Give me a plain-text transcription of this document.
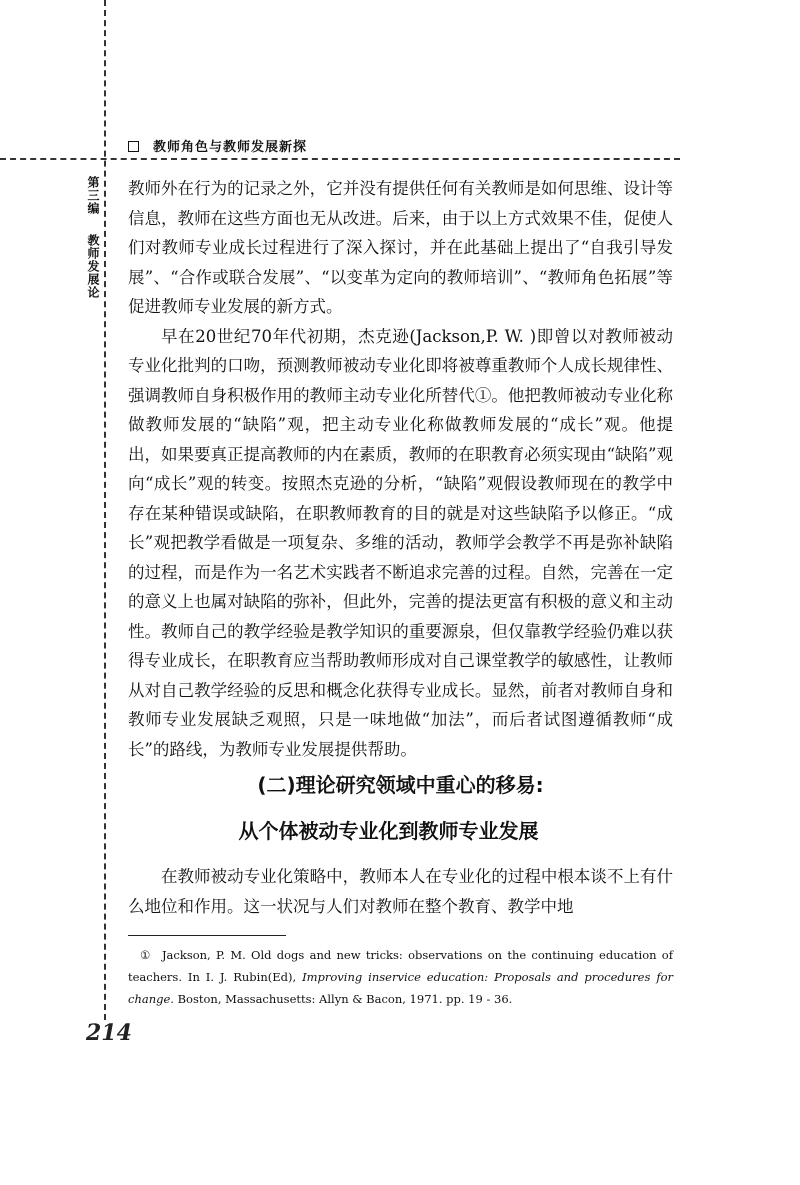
教师角色与教师发展新探
第三编
教师发展论

教师外在行为的记录之外，它并没有提供任何有关教师是如何思维、设计等信息，教师在这些方面也无从改进。后来，由于以上方式效果不佳，促使人们对教师专业成长过程进行了深入探讨，并在此基础上提出了“自我引导发展”、“合作或联合发展”、“以变革为定向的教师培训”、“教师角色拓展”等促进教师专业发展的新方式。

早在20世纪70年代初期，杰克逊(Jackson,P. W. )即曾以对教师被动专业化批判的口吻，预测教师被动专业化即将被尊重教师个人成长规律性、强调教师自身积极作用的教师主动专业化所替代①。他把教师被动专业化称做教师发展的“缺陷”观，把主动专业化称做教师发展的“成长”观。他提出，如果要真正提高教师的内在素质，教师的在职教育必须实现由“缺陷”观向“成长”观的转变。按照杰克逊的分析，“缺陷”观假设教师现在的教学中存在某种错误或缺陷，在职教师教育的目的就是对这些缺陷予以修正。“成长”观把教学看做是一项复杂、多维的活动，教师学会教学不再是弥补缺陷的过程，而是作为一名艺术实践者不断追求完善的过程。自然，完善在一定的意义上也属对缺陷的弥补，但此外，完善的提法更富有积极的意义和主动性。教师自己的教学经验是教学知识的重要源泉，但仅靠教学经验仍难以获得专业成长，在职教育应当帮助教师形成对自己课堂教学的敏感性，让教师从对自己教学经验的反思和概念化获得专业成长。显然，前者对教师自身和教师专业发展缺乏观照，只是一味地做“加法”，而后者试图遵循教师“成长”的路线，为教师专业发展提供帮助。

(二)理论研究领域中重心的移易:
从个体被动专业化到教师专业发展

在教师被动专业化策略中，教师本人在专业化的过程中根本谈不上有什么地位和作用。这一状况与人们对教师在整个教育、教学中地

① Jackson, P. M. Old dogs and new tricks: observations on the continuing education of teachers. In I. J. Rubin(Ed), Improving inservice education: Proposals and procedures for change. Boston, Massachusetts: Allyn & Bacon, 1971. pp. 19 - 36.
214
